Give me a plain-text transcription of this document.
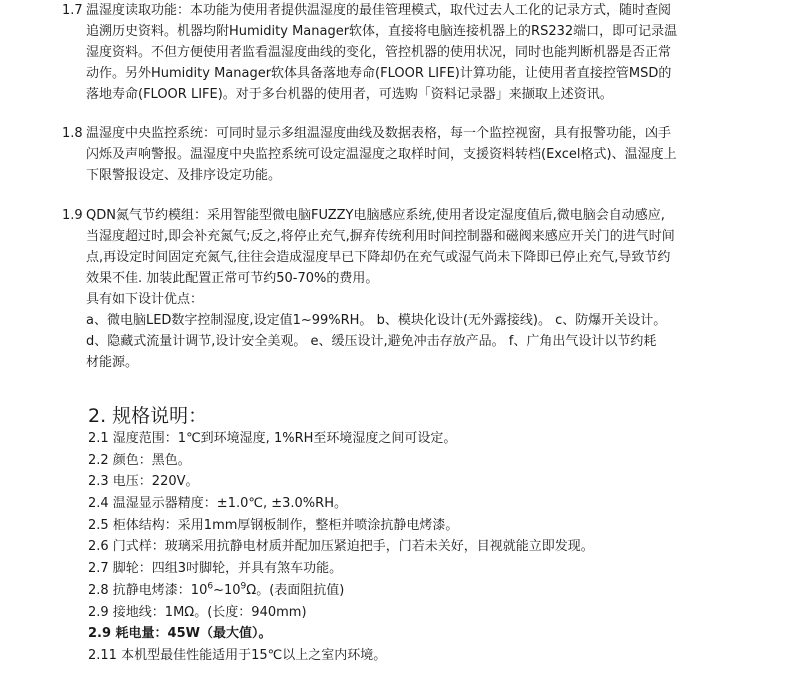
1.7 温湿度读取功能：本功能为使用者提供温湿度的最佳管理模式，取代过去人工化的记录方式，随时查阅
追溯历史资料。机器均附Humidity Manager软体，直接将电脑连接机器上的RS232端口，即可记录温
湿度资料。不但方便使用者监看温湿度曲线的变化，管控机器的使用状况，同时也能判断机器是否正常
动作。另外Humidity Manager软体具备落地寿命(FLOOR LIFE)计算功能，让使用者直接控管MSD的
落地寿命(FLOOR LIFE)。对于多台机器的使用者，可选购「资料记录器」来撷取上述资讯。
1.8 温湿度中央监控系统：可同时显示多组温湿度曲线及数据表格，每一个监控视窗，具有报警功能，凶手
闪烁及声响警报。温湿度中央监控系统可设定温湿度之取样时间，支援资料转档(Excel格式)、温湿度上
下限警报设定、及排序设定功能。
1.9 QDN氮气节约模组：采用智能型微电脑FUZZY电脑感应系统,使用者设定湿度值后,微电脑会自动感应,
当湿度超过时,即会补充氮气;反之,将停止充气,摒弃传统利用时间控制器和磁阀来感应开关门的进气时间
点,再设定时间固定充氮气,往往会造成湿度早已下降却仍在充气或湿气尚未下降即已停止充气,导致节约
效果不佳. 加装此配置正常可节约50-70%的费用。
具有如下设计优点：
a、微电脑LED数字控制湿度,设定值1~99%RH。 b、模块化设计(无外露接线)。 c、防爆开关设计。
d、隐藏式流量计调节,设计安全美观。 e、缓压设计,避免冲击存放产品。 f、广角出气设计以节约耗
材能源。
2. 规格说明：
2.1 湿度范围：1℃到环境湿度, 1%RH至环境湿度之间可设定。
2.2 颜色：黑色。
2.3 电压：220V。
2.4 温湿显示器精度：±1.0℃, ±3.0%RH。
2.5 柜体结构：采用1mm厚钢板制作，整柜并喷涂抗静电烤漆。
2.6 门式样：玻璃采用抗静电材质并配加压紧迫把手，门若未关好，目视就能立即发现。
2.7 脚轮：四组3吋脚轮，并具有煞车功能。
2.8 抗静电烤漆：$10^6\sim 10^9\Omega$。(表面阻抗值)
2.9 接地线：1MΩ。(长度：940mm)
2.9 耗电量：45W（最大值）。
2.11 本机型最佳性能适用于15℃以上之室内环境。
